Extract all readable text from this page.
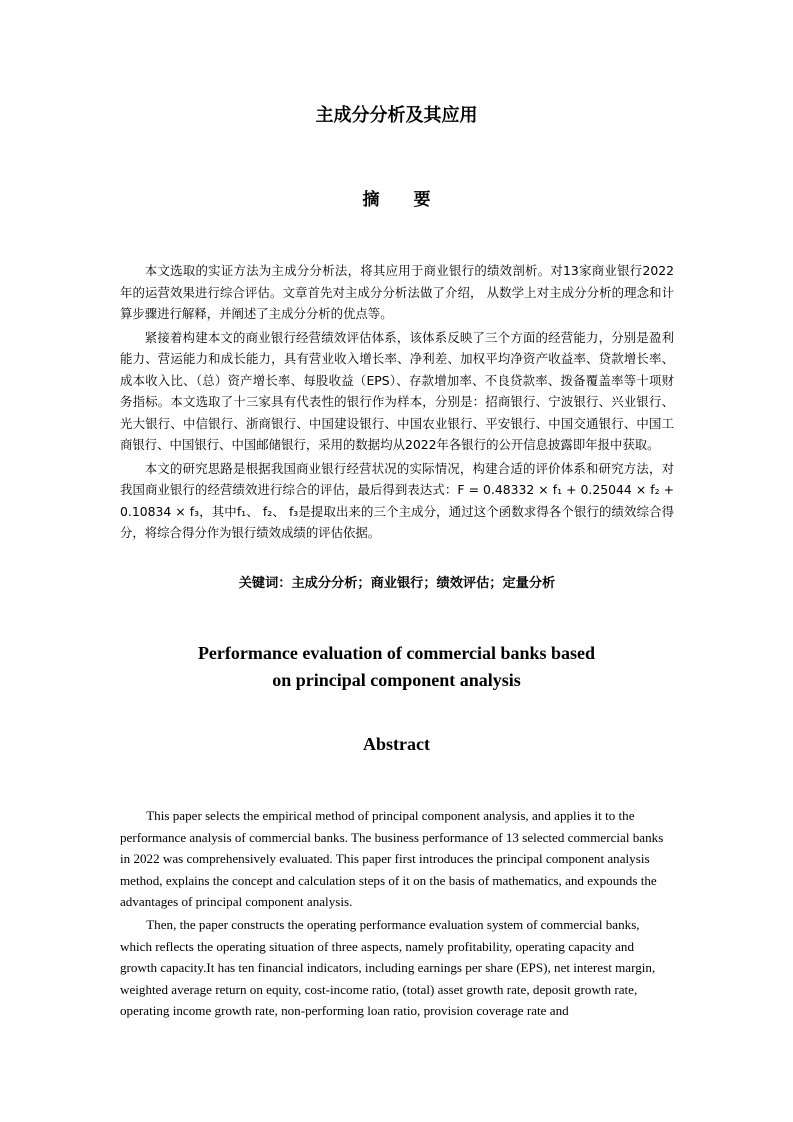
主成分分析及其应用
摘 要

本文选取的实证方法为主成分分析法，将其应用于商业银行的绩效剖析。对13家商业银行2022年的运营效果进行综合评估。文章首先对主成分分析法做了介绍， 从数学上对主成分分析的理念和计算步骤进行解释，并阐述了主成分分析的优点等。

紧接着构建本文的商业银行经营绩效评估体系，该体系反映了三个方面的经营能力，分别是盈利能力、营运能力和成长能力，具有营业收入增长率、净利差、加权平均净资产收益率、贷款增长率、成本收入比、（总）资产增长率、每股收益（EPS）、存款增加率、不良贷款率、拨备覆盖率等十项财务指标。本文选取了十三家具有代表性的银行作为样本，分别是：招商银行、宁波银行、兴业银行、光大银行、中信银行、浙商银行、中国建设银行、中国农业银行、平安银行、中国交通银行、中国工商银行、中国银行、中国邮储银行，采用的数据均从2022年各银行的公开信息披露即年报中获取。

本文的研究思路是根据我国商业银行经营状况的实际情况，构建合适的评价体系和研究方法，对我国商业银行的经营绩效进行综合的评估，最后得到表达式：F = 0.48332 × f₁ + 0.25044 × f₂ + 0.10834 × f₃，其中f₁、 f₂、 f₃是提取出来的三个主成分，通过这个函数求得各个银行的绩效综合得分，将综合得分作为银行绩效成绩的评估依据。

关键词：主成分分析；商业银行；绩效评估；定量分析
Performance evaluation of commercial banks based
on principal component analysis
Abstract

This paper selects the empirical method of principal component analysis, and applies it to the performance analysis of commercial banks. The business performance of 13 selected commercial banks in 2022 was comprehensively evaluated. This paper first introduces the principal component analysis method, explains the concept and calculation steps of it on the basis of mathematics, and expounds the advantages of principal component analysis.

Then, the paper constructs the operating performance evaluation system of commercial banks, which reflects the operating situation of three aspects, namely profitability, operating capacity and growth capacity.It has ten financial indicators, including earnings per share (EPS), net interest margin, weighted average return on equity, cost-income ratio, (total) asset growth rate, deposit growth rate, operating income growth rate, non-performing loan ratio, provision coverage rate and
